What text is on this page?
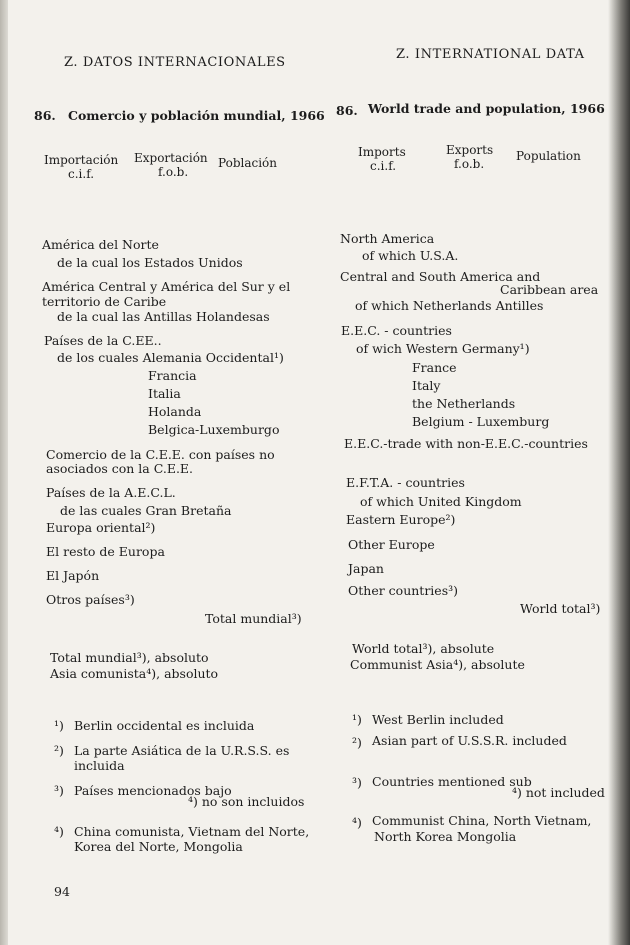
Z. DATOS INTERNACIONALES
86. Comercio y población mundial, 1966
Importación
c.i.f.
Exportación
f.o.b.
Población
América del Norte
de la cual los Estados Unidos
América Central y América del Sur y el
territorio de Caribe
de la cual las Antillas Holandesas
Países de la C.EE..
de los cuales Alemania Occidental¹)
Francia
Italia
Holanda
Belgica-Luxemburgo
Comercio de la C.E.E. con países no
asociados con la C.E.E.
Países de la A.E.C.L.
de las cuales Gran Bretaña
Europa oriental²)
El resto de Europa
El Japón
Otros países³)
Total mundial³)
Total mundial³), absoluto
Asia comunista⁴), absoluto
¹) Berlin occidental es incluida
²) La parte Asiática de la U.R.S.S. es
incluida
³) Países mencionados bajo
⁴) no son incluidos
⁴) China comunista, Vietnam del Norte,
Korea del Norte, Mongolia
94
Z. INTERNATIONAL DATA
86. World trade and population, 1966
Imports
c.i.f.
Exports
f.o.b.
Population
North America
of which U.S.A.
Central and South America and
Caribbean area
of which Netherlands Antilles
E.E.C. - countries
of wich Western Germany¹)
France
Italy
the Netherlands
Belgium - Luxemburg
E.E.C.-trade with non-E.E.C.-countries
E.F.T.A. - countries
of which United Kingdom
Eastern Europe²)
Other Europe
Japan
Other countries³)
World total³)
World total³), absolute
Communist Asia⁴), absolute
¹) West Berlin included
²) Asian part of U.S.S.R. included
³) Countries mentioned sub
⁴) not included
⁴) Communist China, North Vietnam,
North Korea Mongolia
